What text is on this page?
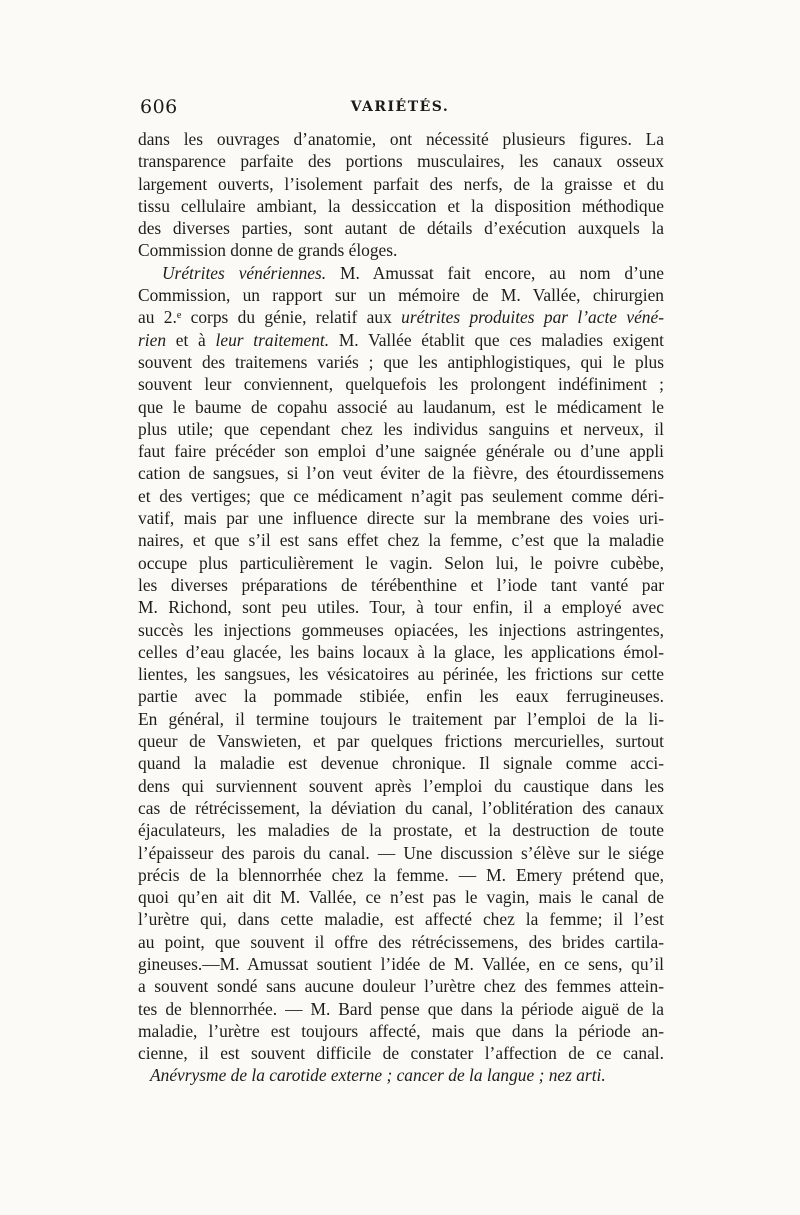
606	VARIÉTÉS.
dans les ouvrages d’anatomie, ont nécessité plusieurs figures. La
transparence parfaite des portions musculaires, les canaux osseux
largement ouverts, l’isolement parfait des nerfs, de la graisse et du
tissu cellulaire ambiant, la dessiccation et la disposition méthodique
des diverses parties, sont autant de détails d’exécution auxquels la
Commission donne de grands éloges.
Urétrites vénériennes. M. Amussat fait encore, au nom d’une
Commission, un rapport sur un mémoire de M. Vallée, chirurgien
au 2.ᵉ corps du génie, relatif aux urétrites produites par l’acte véné-
rien et à leur traitement. M. Vallée établit que ces maladies exigent
souvent des traitemens variés ; que les antiphlogistiques, qui le plus
souvent leur conviennent, quelquefois les prolongent indéfiniment ;
que le baume de copahu associé au laudanum, est le médicament le
plus utile; que cependant chez les individus sanguins et nerveux, il
faut faire précéder son emploi d’une saignée générale ou d’une appli
cation de sangsues, si l’on veut éviter de la fièvre, des étourdissemens
et des vertiges; que ce médicament n’agit pas seulement comme déri-
vatif, mais par une influence directe sur la membrane des voies uri-
naires, et que s’il est sans effet chez la femme, c’est que la maladie
occupe plus particulièrement le vagin. Selon lui, le poivre cubèbe,
les diverses préparations de térébenthine et l’iode tant vanté par
M. Richond, sont peu utiles. Tour, à tour enfin, il a employé avec
succès les injections gommeuses opiacées, les injections astringentes,
celles d’eau glacée, les bains locaux à la glace, les applications émol-
lientes, les sangsues, les vésicatoires au périnée, les frictions sur cette
partie avec la pommade stibiée, enfin les eaux ferrugineuses.
En général, il termine toujours le traitement par l’emploi de la li-
queur de Vanswieten, et par quelques frictions mercurielles, surtout
quand la maladie est devenue chronique. Il signale comme acci-
dens qui surviennent souvent après l’emploi du caustique dans les
cas de rétrécissement, la déviation du canal, l’oblitération des canaux
éjaculateurs, les maladies de la prostate, et la destruction de toute
l’épaisseur des parois du canal. — Une discussion s’élève sur le siége
précis de la blennorrhée chez la femme. — M. Emery prétend que,
quoi qu’en ait dit M. Vallée, ce n’est pas le vagin, mais le canal de
l’urètre qui, dans cette maladie, est affecté chez la femme; il l’est
au point, que souvent il offre des rétrécissemens, des brides cartila-
gineuses.—M. Amussat soutient l’idée de M. Vallée, en ce sens, qu’il
a souvent sondé sans aucune douleur l’urètre chez des femmes attein-
tes de blennorrhée. — M. Bard pense que dans la période aiguë de la
maladie, l’urètre est toujours affecté, mais que dans la période an-
cienne, il est souvent difficile de constater l’affection de ce canal.
Anévrysme de la carotide externe ; cancer de la langue ; nez arti.
